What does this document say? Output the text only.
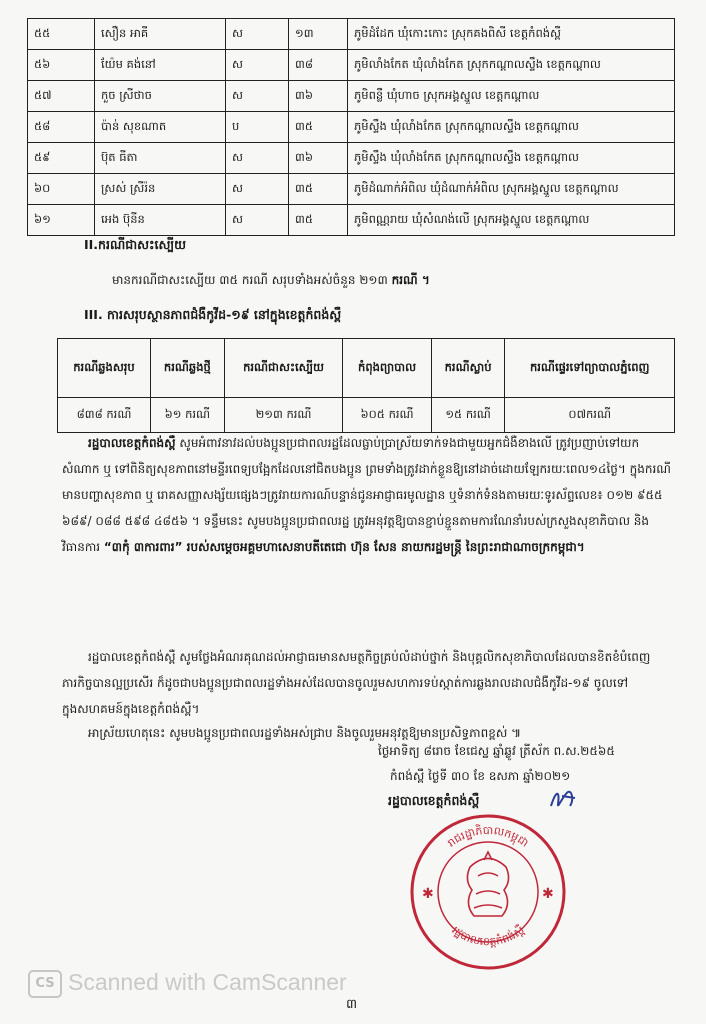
៥៥	សឿន អាគី	ស	១៣	ភូមិដំដែក ឃុំកោះកោះ ស្រុកគងពិសី ខេត្តកំពង់ស្ពឺ
៥៦	យ៉ែម គង់នៅ	ស	៣៨	ភូមិលាំងកែត ឃុំលាំងកែត ស្រុកកណ្ដាលស្ទឹង ខេត្តកណ្ដាល
៥៧	កួច ស្រីថាច	ស	៣៦	ភូមិពន្លឺ ឃុំហាច ស្រុកអង្គស្នួល ខេត្តកណ្ដាល
៥៨	ប៉ាន់ សុខណាត	ប	៣៥	ភូមិស្ទឹង ឃុំលាំងកែត ស្រុកកណ្ដាលស្ទឹង ខេត្តកណ្ដាល
៥៩	ប៊ុត ធីតា	ស	៣៦	ភូមិស្ទឹង ឃុំលាំងកែត ស្រុកកណ្ដាលស្ទឹង ខេត្តកណ្ដាល
៦០	ស្រស់ ស្រីរ៉ន	ស	៣៥	ភូមិដំណាក់អំពិល ឃុំដំណាក់អំពិល ស្រុកអង្គស្នួល ខេត្តកណ្ដាល
៦១	អេង ប៊ុនីន	ស	៣៥	ភូមិពណ្ណរាយ ឃុំសំណង់លើ ស្រុកអង្គស្នួល ខេត្តកណ្ដាល
II.ករណីជាសះស្បើយ
មានករណីជាសះស្បើយ ៣៥ ករណី សរុបទាំងអស់ចំនួន ២១៣ ករណី ។
III. ការសរុបស្ថានភាពជំងឺកូវីដ-១៩ នៅក្នុងខេត្តកំពង់ស្ពឺ
ករណីឆ្លងសរុប	ករណីឆ្លងថ្មី	ករណីជាសះស្បើយ	កំពុងព្យាបាល	ករណីស្លាប់	ករណីផ្ទេរទៅព្យាបាលភ្នំពេញ
៨៣៨ ករណី	៦១ ករណី	២១៣ ករណី	៦០៥ ករណី	១៥ ករណី	០៧ករណី
រដ្ឋបាលខេត្តកំពង់ស្ពឺ សូមអំពាវនាវដល់បងប្អូនប្រជាពលរដ្ឋដែលធ្លាប់ប្រាស្រ័យទាក់ទងជាមួយអ្នកជំងឺខាងលើ ត្រូវប្រញាប់ទៅយកសំណាក ឬ ទៅពិនិត្យសុខភាពនៅមន្ទីរពេទ្យបង្អែកដែលនៅជិតបងប្អូន ព្រមទាំងត្រូវដាក់ខ្លួនឱ្យនៅដាច់ដោយឡែករយៈពេល១៤ថ្ងៃ។ ក្នុងករណីមានបញ្ហាសុខភាព ឬ រោគសញ្ញាសង្ស័យផ្សេងៗត្រូវរាយការណ៍បន្ទាន់ជូនអាជ្ញាធរមូលដ្ឋាន ឬទំនាក់ទំនងតាមរយៈទូរស័ព្ទលេខ៖ ០១២ ៩៥៥ ៦៨៩/ ០៨៨ ៥៩៨ ៤៨៥៦ ។ ទន្ទឹមនេះ សូមបងប្អូនប្រជាពលរដ្ឋ ត្រូវអនុវត្តឱ្យបានខ្ជាប់ខ្ជួនតាមការណែនាំរបស់ក្រសួងសុខាភិបាល និង វិធានការ “៣កុំ ៣ការពារ” របស់សម្ដេចអគ្គមហាសេនាបតីតេជោ ហ៊ុន សែន នាយករដ្ឋមន្ដ្រី នៃព្រះរាជាណាចក្រកម្ពុជា។
រដ្ឋបាលខេត្តកំពង់ស្ពឺ សូមថ្លែងអំណរគុណដល់អាជ្ញាធរមានសមត្ថកិច្ចគ្រប់លំដាប់ថ្នាក់ និងបុគ្គលិកសុខាភិបាលដែលបានខិតខំបំពេញភារកិច្ចបានល្អប្រសើរ ក៏ដូចជាបងប្អូនប្រជាពលរដ្ឋទាំងអស់ដែលបានចូលរួមសហការទប់ស្កាត់ការឆ្លងរាលដាលជំងឺកូវីដ-១៩ ចូលទៅក្នុងសហគមន៍ក្នុងខេត្តកំពង់ស្ពឺ។
អាស្រ័យហេតុនេះ សូមបងប្អូនប្រជាពលរដ្ឋទាំងអស់ជ្រាប និងចូលរួមអនុវត្តឱ្យមានប្រសិទ្ធភាពខ្ពស់ ៕
ថ្ងៃអាទិត្យ ៨រោច ខែជេស្ឋ ឆ្នាំឆ្លូវ ត្រីស័ក ព.ស.២៥៦៥
កំពង់ស្ពឺ ថ្ងៃទី ៣០ ខែ ឧសភា ឆ្នាំ២០២១
រដ្ឋបាលខេត្តកំពង់ស្ពឺ
រាជរដ្ឋាភិបាលកម្ពុជា
រដ្ឋបាលខេត្តកំពង់ស្ពឺ
✱	✱
CS Scanned with CamScanner
៣
